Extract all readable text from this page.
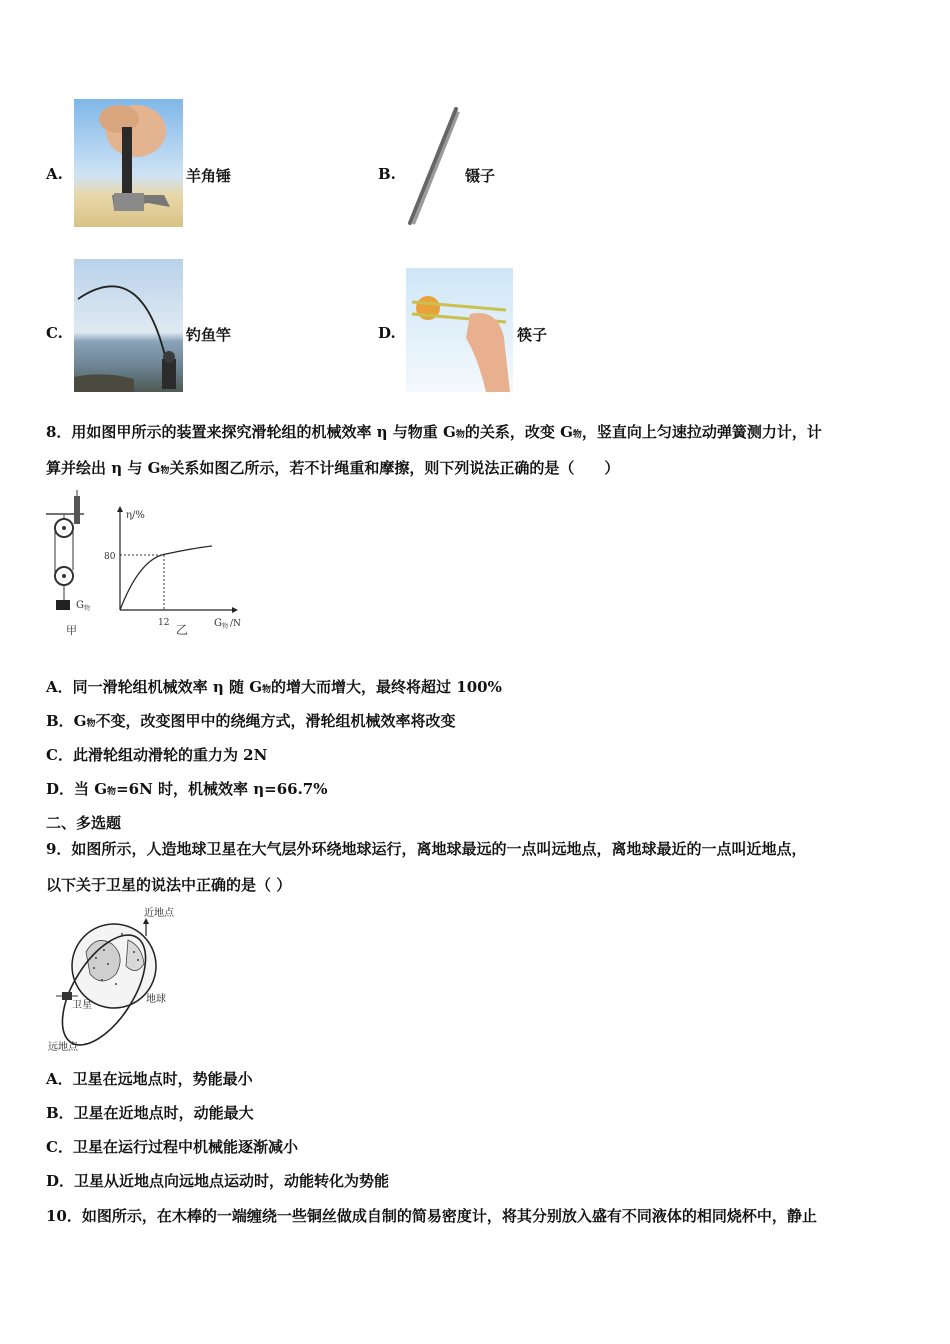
A.	羊角锤	B.	镊子
C.	钓鱼竿	D.	筷子
8．用如图甲所示的装置来探究滑轮组的机械效率 η 与物重 G物的关系，改变 G物，竖直向上匀速拉动弹簧测力计，计
算并绘出 η 与 G物关系如图乙所示，若不计绳重和摩擦，则下列说法正确的是（　　）
G 物
甲
η/%
80
12 乙	G 物 /N
A．同一滑轮组机械效率 η 随 G物的增大而增大，最终将超过 100%
B．G物不变，改变图甲中的绕绳方式，滑轮组机械效率将改变
C．此滑轮组动滑轮的重力为 2N
D．当 G物=6N 时，机械效率 η=66.7%
二、多选题
9．如图所示，人造地球卫星在大气层外环绕地球运行，离地球最远的一点叫远地点，离地球最近的一点叫近地点，
以下关于卫星的说法中正确的是（ ）
近地点
卫星
地球
远地点
A．卫星在远地点时，势能最小
B．卫星在近地点时，动能最大
C．卫星在运行过程中机械能逐渐减小
D．卫星从近地点向远地点运动时，动能转化为势能
10．如图所示，在木棒的一端缠绕一些铜丝做成自制的简易密度计，将其分别放入盛有不同液体的相同烧杯中，静止
